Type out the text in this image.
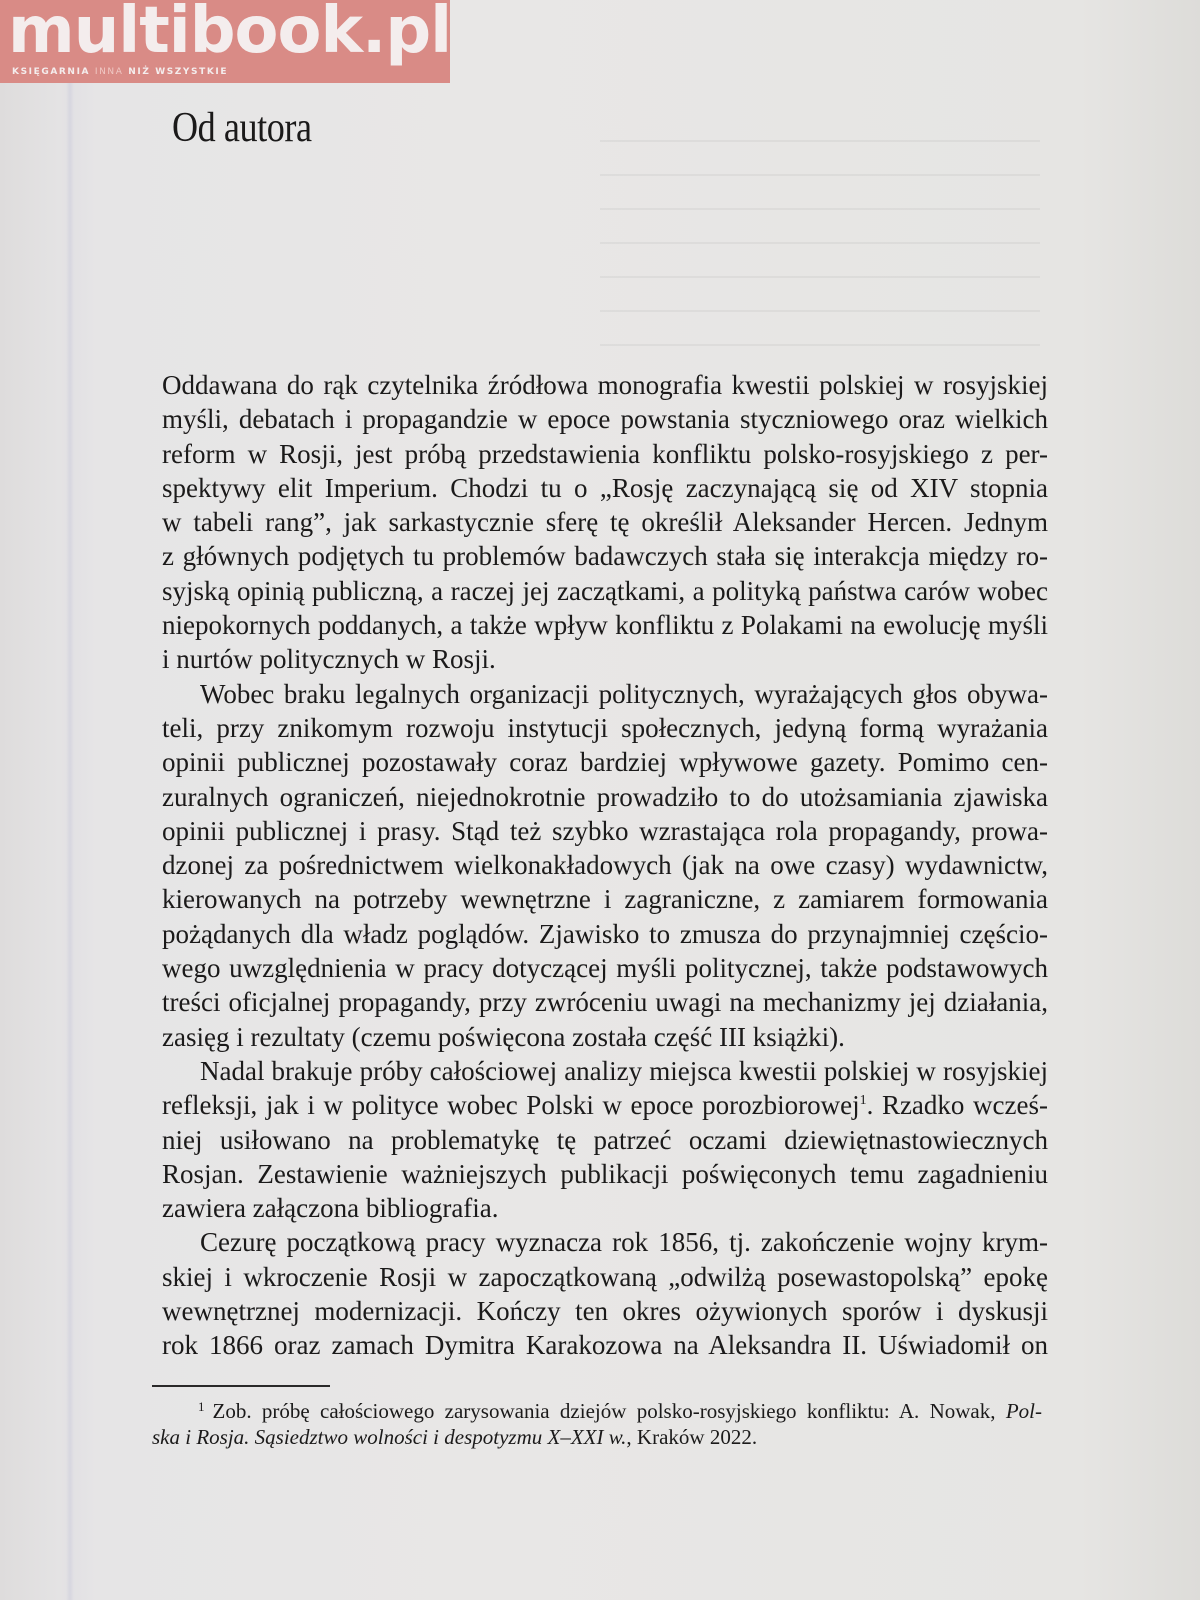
multibook.pl
KSIĘGARNIA INNA NIŻ WSZYSTKIE
Od autora
Oddawana do rąk czytelnika źródłowa monografia kwestii polskiej w rosyjskiej
myśli, debatach i propagandzie w epoce powstania styczniowego oraz wielkich
reform w Rosji, jest próbą przedstawienia konfliktu polsko-rosyjskiego z per-
spektywy elit Imperium. Chodzi tu o „Rosję zaczynającą się od XIV stopnia
w tabeli rang”, jak sarkastycznie sferę tę określił Aleksander Hercen. Jednym
z głównych podjętych tu problemów badawczych stała się interakcja między ro-
syjską opinią publiczną, a raczej jej zaczątkami, a polityką państwa carów wobec
niepokornych poddanych, a także wpływ konfliktu z Polakami na ewolucję myśli
i nurtów politycznych w Rosji.
Wobec braku legalnych organizacji politycznych, wyrażających głos obywa-
teli, przy znikomym rozwoju instytucji społecznych, jedyną formą wyrażania
opinii publicznej pozostawały coraz bardziej wpływowe gazety. Pomimo cen-
zuralnych ograniczeń, niejednokrotnie prowadziło to do utożsamiania zjawiska
opinii publicznej i prasy. Stąd też szybko wzrastająca rola propagandy, prowa-
dzonej za pośrednictwem wielkonakładowych (jak na owe czasy) wydawnictw,
kierowanych na potrzeby wewnętrzne i zagraniczne, z zamiarem formowania
pożądanych dla władz poglądów. Zjawisko to zmusza do przynajmniej częścio-
wego uwzględnienia w pracy dotyczącej myśli politycznej, także podstawowych
treści oficjalnej propagandy, przy zwróceniu uwagi na mechanizmy jej działania,
zasięg i rezultaty (czemu poświęcona została część III książki).
Nadal brakuje próby całościowej analizy miejsca kwestii polskiej w rosyjskiej
refleksji, jak i w polityce wobec Polski w epoce porozbiorowej$^1$. Rzadko wcześ-
niej usiłowano na problematykę tę patrzeć oczami dziewiętnastowiecznych
Rosjan. Zestawienie ważniejszych publikacji poświęconych temu zagadnieniu
zawiera załączona bibliografia.
Cezurę początkową pracy wyznacza rok 1856, tj. zakończenie wojny krym-
skiej i wkroczenie Rosji w zapoczątkowaną „odwilżą posewastopolską” epokę
wewnętrznej modernizacji. Kończy ten okres ożywionych sporów i dyskusji
rok 1866 oraz zamach Dymitra Karakozowa na Aleksandra II. Uświadomił on
$^1$ Zob. próbę całościowego zarysowania dziejów polsko-rosyjskiego konfliktu: A. Nowak, Pol-
ska i Rosja. Sąsiedztwo wolności i despotyzmu X–XXI w., Kraków 2022.
